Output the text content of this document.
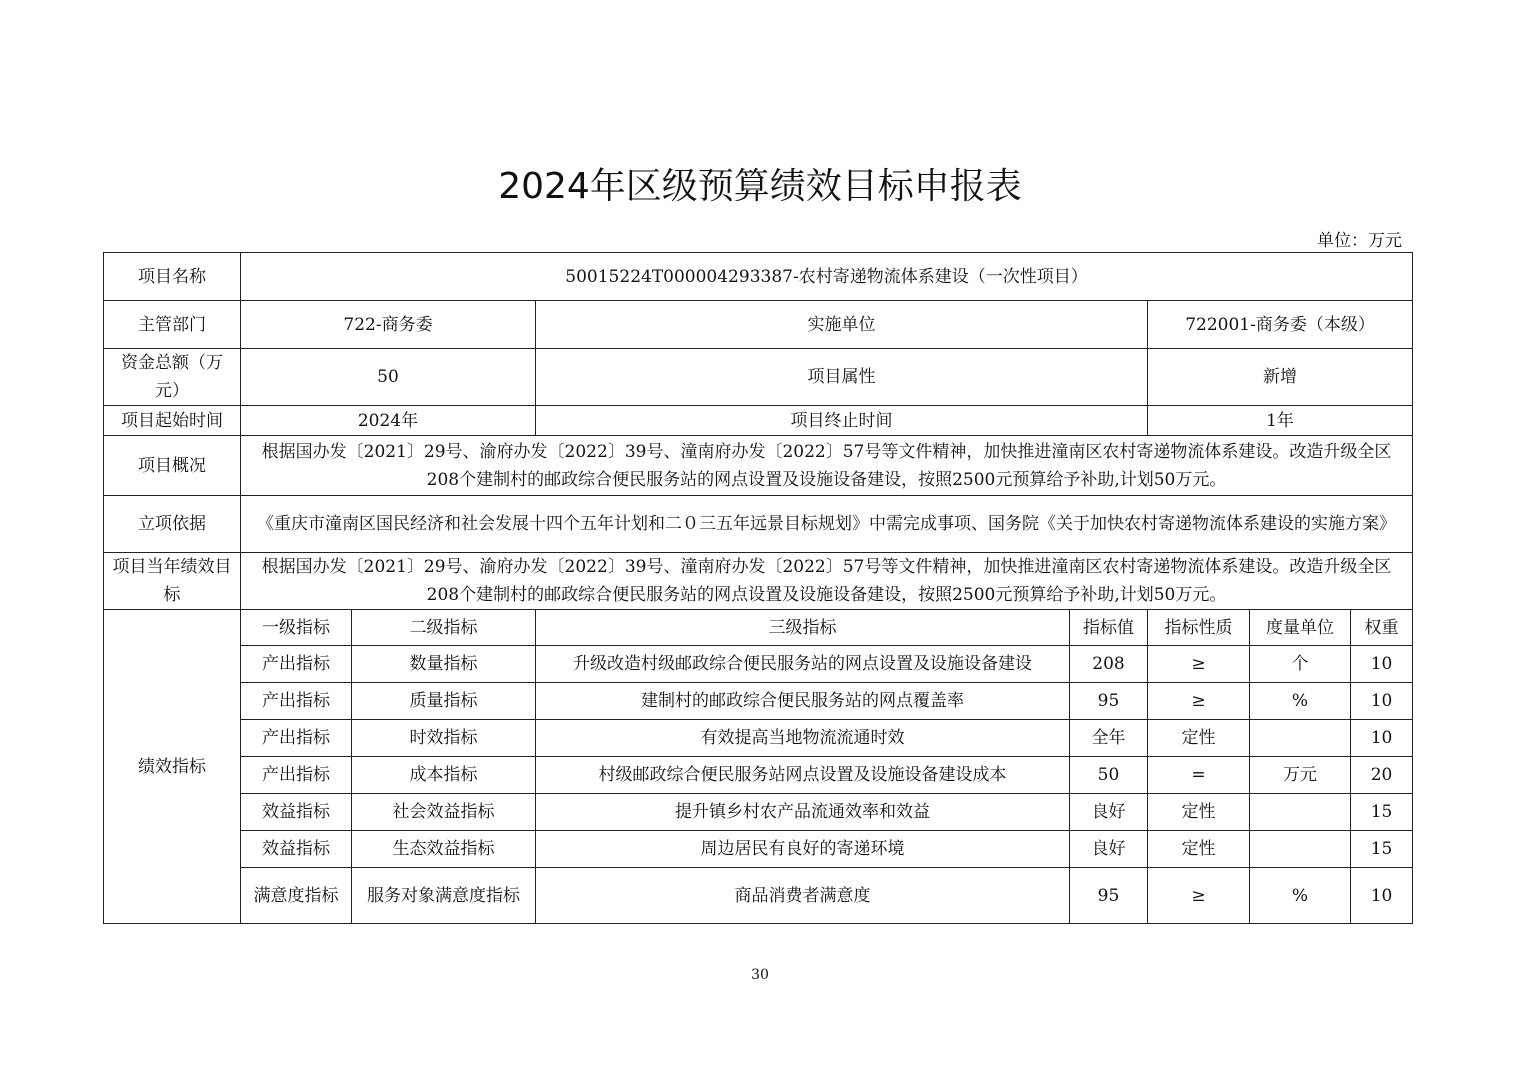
2024年区级预算绩效目标申报表
单位：万元
项目名称	50015224T000004293387-农村寄递物流体系建设（一次性项目）						
主管部门	722-商务委		实施单位		722001-商务委（本级）		
资金总额（万元）	50		项目属性		新增		
项目起始时间	2024年		项目终止时间		1年		
项目概况	根据国办发〔2021〕29号、渝府办发〔2022〕39号、潼南府办发〔2022〕57号等文件精神，加快推进潼南区农村寄递物流体系建设。改造升级全区208个建制村的邮政综合便民服务站的网点设置及设施设备建设，按照2500元预算给予补助,计划50万元。						
立项依据	《重庆市潼南区国民经济和社会发展十四个五年计划和二０三五年远景目标规划》中需完成事项、国务院《关于加快农村寄递物流体系建设的实施方案》						
项目当年绩效目标	根据国办发〔2021〕29号、渝府办发〔2022〕39号、潼南府办发〔2022〕57号等文件精神，加快推进潼南区农村寄递物流体系建设。改造升级全区208个建制村的邮政综合便民服务站的网点设置及设施设备建设，按照2500元预算给予补助,计划50万元。						
绩效指标	一级指标	二级指标	三级指标	指标值	指标性质	度量单位	权重
	产出指标	数量指标	升级改造村级邮政综合便民服务站的网点设置及设施设备建设	208	≥	个	10
	产出指标	质量指标	建制村的邮政综合便民服务站的网点覆盖率	95	≥	%	10
	产出指标	时效指标	有效提高当地物流流通时效	全年	定性		10
	产出指标	成本指标	村级邮政综合便民服务站网点设置及设施设备建设成本	50	=	万元	20
	效益指标	社会效益指标	提升镇乡村农产品流通效率和效益	良好	定性		15
	效益指标	生态效益指标	周边居民有良好的寄递环境	良好	定性		15
	满意度指标	服务对象满意度指标	商品消费者满意度	95	≥	%	10
30
